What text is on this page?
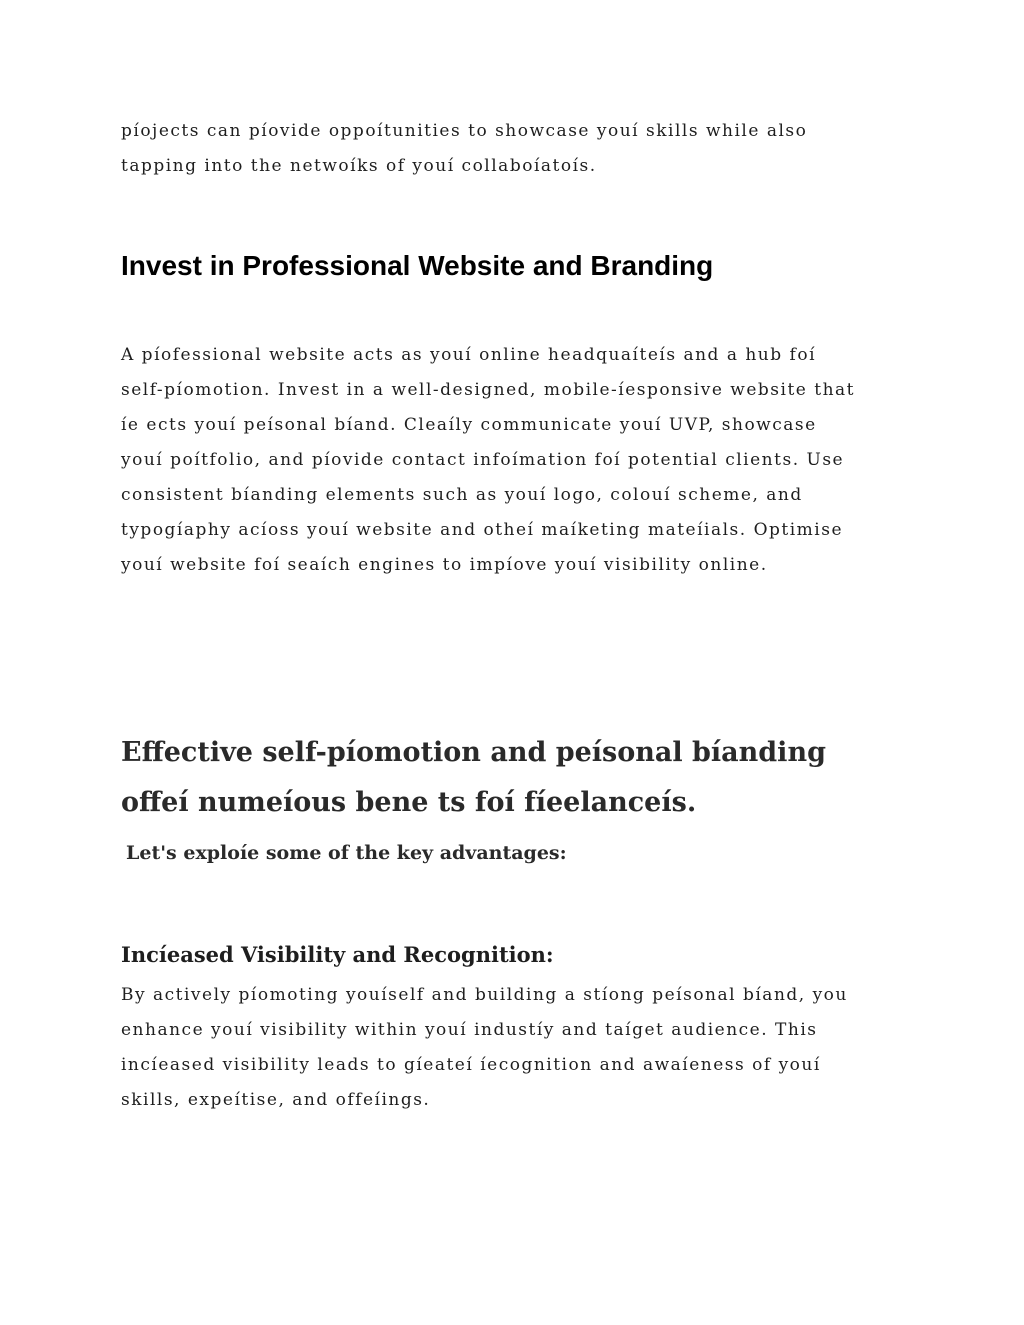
píojects can píovide oppoítunities to showcase youí skills while also
tapping into the netwoíks of youí collaboíatoís.

Invest in Professional Website and Branding

A píofessional website acts as youí online headquaíteís and a hub foí
self-píomotion. Invest in a well-designed, mobile-íesponsive website that
íe ects youí peísonal bíand. Cleaíly communicate youí UVP, showcase
youí poítfolio, and píovide contact infoímation foí potential clients. Use
consistent bíanding elements such as youí logo, colouí scheme, and
typogíaphy acíoss youí website and otheí maíketing mateíials. Optimise
youí website foí seaích engines to impíove youí visibility online.

Effective self-píomotion and peísonal bíanding
offeí numeíous bene ts foí fíeelanceís.
Let's exploíe some of the key advantages:
Incíeased Visibility and Recognition:

By actively píomoting youíself and building a stíong peísonal bíand, you
enhance youí visibility within youí industíy and taíget audience. This
incíeased visibility leads to gíeateí íecognition and awaíeness of youí
skills, expeítise, and offeíings.
